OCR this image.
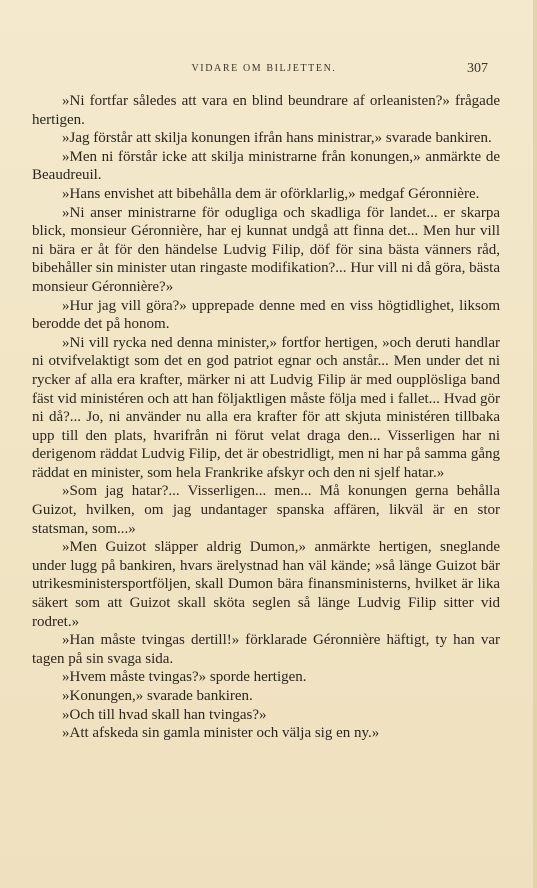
VIDARE OM BILJETTEN.	307

»Ni fortfar således att vara en blind beundrare af orleanisten?» frågade hertigen.

»Jag förstår att skilja konungen ifrån hans ministrar,» svarade bankiren.

»Men ni förstår icke att skilja ministrarne från konungen,» anmärkte de Beaudreuil.

»Hans envishet att bibehålla dem är oförklarlig,» medgaf Géronnière.

»Ni anser ministrarne för odugliga och skadliga för landet... er skarpa blick, monsieur Géronnière, har ej kunnat undgå att finna det... Men hur vill ni bära er åt för den händelse Ludvig Filip, döf för sina bästa vänners råd, bibehåller sin minister utan ringaste modifikation?... Hur vill ni då göra, bästa monsieur Géronnière?»

»Hur jag vill göra?» upprepade denne med en viss högtidlighet, liksom berodde det på honom.

»Ni vill rycka ned denna minister,» fortfor hertigen, »och deruti handlar ni otvifvelaktigt som det en god patriot egnar och anstår... Men under det ni rycker af alla era krafter, märker ni att Ludvig Filip är med oupplösliga band fäst vid ministéren och att han följaktligen måste följa med i fallet... Hvad gör ni då?... Jo, ni använder nu alla era krafter för att skjuta ministéren tillbaka upp till den plats, hvarifrån ni förut velat draga den... Visserligen har ni derigenom räddat Ludvig Filip, det är obestridligt, men ni har på samma gång räddat en minister, som hela Frankrike afskyr och den ni sjelf hatar.»

»Som jag hatar?... Visserligen... men... Må konungen gerna behålla Guizot, hvilken, om jag undantager spanska affären, likväl är en stor statsman, som...»

»Men Guizot släpper aldrig Dumon,» anmärkte hertigen, sneglande under lugg på bankiren, hvars ärelystnad han väl kände; »så länge Guizot bär utrikesministersportföljen, skall Dumon bära finansministerns, hvilket är lika säkert som att Guizot skall sköta seglen så länge Ludvig Filip sitter vid rodret.»

»Han måste tvingas dertill!» förklarade Géronnière häftigt, ty han var tagen på sin svaga sida.

»Hvem måste tvingas?» sporde hertigen.

»Konungen,» svarade bankiren.

»Och till hvad skall han tvingas?»

»Att afskeda sin gamla minister och välja sig en ny.»
